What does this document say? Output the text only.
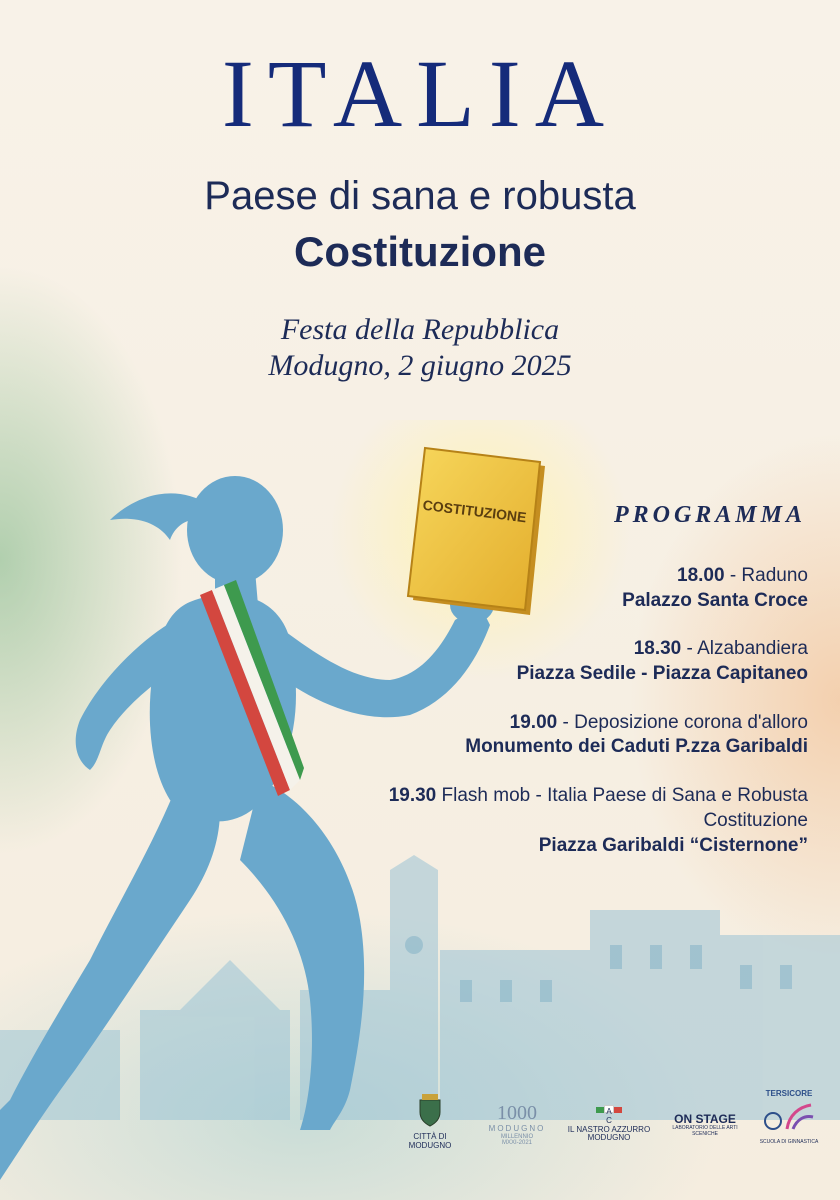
ITALIA
Paese di sana e robusta
Costituzione
Festa della Repubblica
Modugno, 2 giugno 2025
COSTITUZIONE	PROGRAMMA
18.00 - Raduno
Palazzo Santa Croce
18.30 - Alzabandiera
Piazza Sedile - Piazza Capitaneo
19.00 - Deposizione corona d'alloro
Monumento dei Caduti P.zza Garibaldi
19.30 Flash mob - Italia Paese di Sana e Robusta Costituzione
Piazza Garibaldi “Cisternone”
CITTÀ DI
MODUGNO
1000
MODUGNO
MILLENNIO
MXXI-2021
A
C
IL NASTRO AZZURRO
MODUGNO
ON STAGE
LABORATORIO DELLE ARTI SCENICHE
TERSICORE
SCUOLA DI GINNASTICA
